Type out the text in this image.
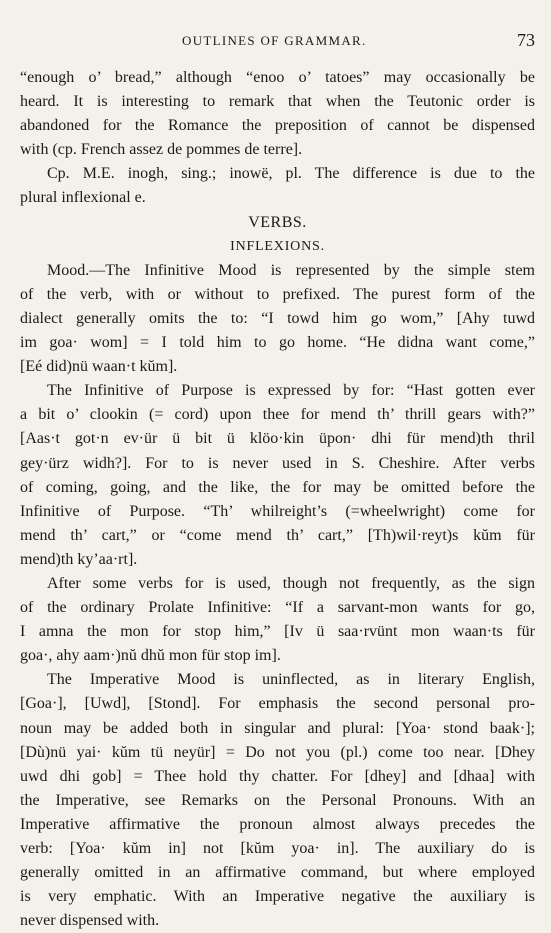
OUTLINES OF GRAMMAR.	73
“enough o’ bread,” although “enoo o’ tatoes” may occasionally be
heard. It is interesting to remark that when the Teutonic order is
abandoned for the Romance the preposition of cannot be dispensed
with (cp. French assez de pommes de terre].
Cp. M.E. inogh, sing.; inowë, pl. The difference is due to the
plural inflexional e.
VERBS.
INFLEXIONS.
Mood.—The Infinitive Mood is represented by the simple stem
of the verb, with or without to prefixed. The purest form of the
dialect generally omits the to: “I towd him go wom,” [Ahy tuwd
im goa· wom] = I told him to go home. “He didna want come,”
[Eé did)nü waan·t kŭm].
The Infinitive of Purpose is expressed by for: “Hast gotten ever
a bit o’ clookin (= cord) upon thee for mend th’ thrill gears with?”
[Aas·t got·n ev·ür ü bit ü klöo·kin üpon· dhi für mend)th thril
gey·ürz widh?]. For to is never used in S. Cheshire. After verbs
of coming, going, and the like, the for may be omitted before the
Infinitive of Purpose. “Th’ whilreight’s (=wheelwright) come for
mend th’ cart,” or “come mend th’ cart,” [Th)wil·reyt)s kŭm für
mend)th ky’aa·rt].
After some verbs for is used, though not frequently, as the sign
of the ordinary Prolate Infinitive: “If a sarvant-mon wants for go,
I amna the mon for stop him,” [Iv ü saa·rvünt mon waan·ts für
goa·, ahy aam·)nŭ dhŭ mon für stop im].
The Imperative Mood is uninflected, as in literary English,
[Goa·], [Uwd], [Stond]. For emphasis the second personal pro-
noun may be added both in singular and plural: [Yoa· stond baak·];
[Dù)nü yai· kŭm tü neyür] = Do not you (pl.) come too near. [Dhey
uwd dhi gob] = Thee hold thy chatter. For [dhey] and [dhaa] with
the Imperative, see Remarks on the Personal Pronouns. With an
Imperative affirmative the pronoun almost always precedes the
verb: [Yoa· kŭm in] not [kŭm yoa· in]. The auxiliary do is
generally omitted in an affirmative command, but where employed
is very emphatic. With an Imperative negative the auxiliary is
never dispensed with.
